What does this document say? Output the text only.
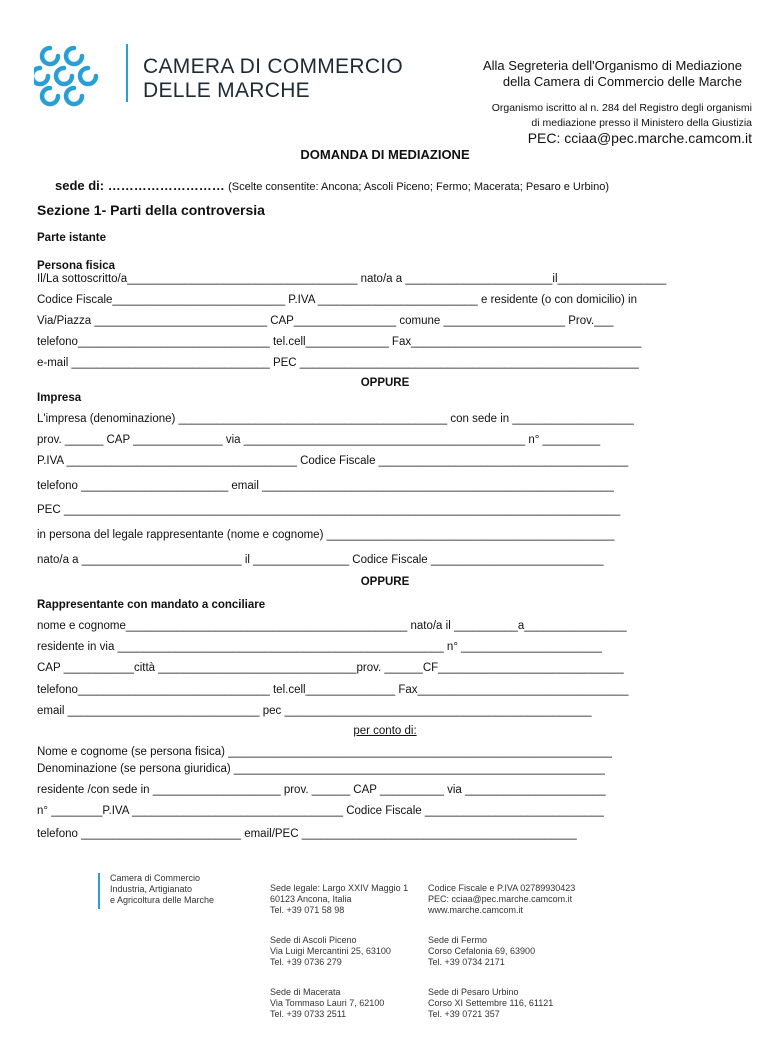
CAMERA DI COMMERCIO
DELLE MARCHE
Alla Segreteria dell'Organismo di Mediazione
della Camera di Commercio delle Marche
Organismo iscritto al n. 284 del Registro degli organismi
di mediazione presso il Ministero della Giustizia
PEC: cciaa@pec.marche.camcom.it
DOMANDA DI MEDIAZIONE
sede di: ……………………… (Scelte consentite: Ancona; Ascoli Piceno; Fermo; Macerata; Pesaro e Urbino)
Sezione 1- Parti della controversia
Parte istante
Persona fisica
Il/La sottoscritto/a____________________________________ nato/a a _______________________il_________________
Codice Fiscale___________________________ P.IVA _________________________ e residente (o con domicilio) in
Via/Piazza ___________________________ CAP________________ comune ___________________ Prov.___
telefono______________________________ tel.cell_____________ Fax____________________________________
e-mail _______________________________ PEC _____________________________________________________
OPPURE
Impresa
L'impresa (denominazione) __________________________________________ con sede in ___________________
prov. ______ CAP ______________ via ____________________________________________ n° _________
P.IVA ____________________________________ Codice Fiscale _______________________________________
telefono _______________________ email _______________________________________________________
PEC _______________________________________________________________________________________
in persona del legale rappresentante (nome e cognome) _____________________________________________
nato/a a _________________________ il _______________ Codice Fiscale ___________________________
OPPURE
Rappresentante con mandato a conciliare
nome e cognome____________________________________________ nato/a il __________a________________
residente in via ___________________________________________________ n° ______________________
CAP ___________città _______________________________prov. ______CF_____________________________
telefono______________________________ tel.cell______________ Fax_________________________________
email ______________________________ pec ________________________________________________
per conto di:
Nome e cognome (se persona fisica) ____________________________________________________________
Denominazione (se persona giuridica) __________________________________________________________
residente /con sede in ____________________ prov. ______ CAP __________ via ______________________
n° ________P.IVA _________________________________ Codice Fiscale ____________________________
telefono _________________________ email/PEC ___________________________________________
Camera di Commercio
Industria, Artigianato
e Agricoltura delle Marche

Sede legale: Largo XXIV Maggio 1
60123 Ancona, Italia
Tel. +39 071 58 98

Sede di Ascoli Piceno
Via Luigi Mercantini 25, 63100
Tel. +39 0736 279

Sede di Macerata
Via Tommaso Lauri 7, 62100
Tel. +39 0733 2511

Codice Fiscale e P.IVA 02789930423
PEC: cciaa@pec.marche.camcom.it
www.marche.camcom.it

Sede di Fermo
Corso Cefalonia 69, 63900
Tel. +39 0734 2171

Sede di Pesaro Urbino
Corso XI Settembre 116, 61121
Tel. +39 0721 357
